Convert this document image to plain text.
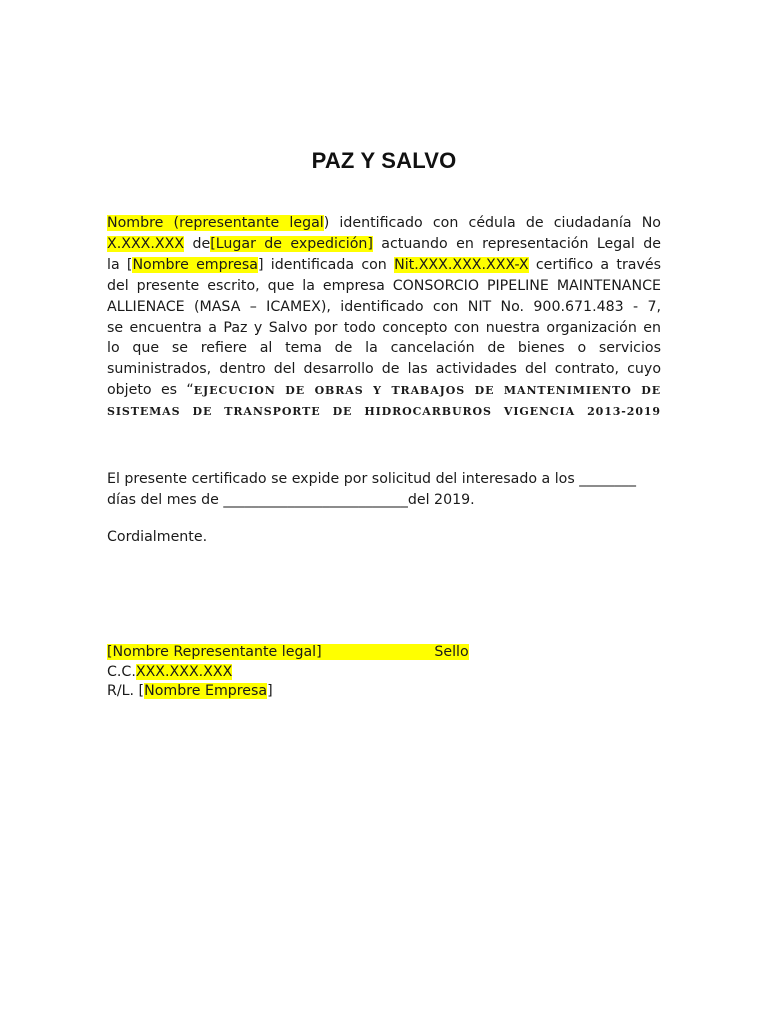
PAZ Y SALVO
Nombre (representante legal) identificado con cédula de ciudadanía No
X.XXX.XXX de[Lugar de expedición] actuando en representación Legal de
la [Nombre empresa] identificada con Nit.XXX.XXX.XXX-X certifico a través
del presente escrito, que la empresa CONSORCIO PIPELINE MAINTENANCE
ALLIENACE (MASA – ICAMEX), identificado con NIT No. 900.671.483 - 7,
se encuentra a Paz y Salvo por todo concepto con nuestra organización en
lo que se refiere al tema de la cancelación de bienes o servicios
suministrados, dentro del desarrollo de las actividades del contrato, cuyo
objeto es “EJECUCION DE OBRAS Y TRABAJOS DE MANTENIMIENTO DE
SISTEMAS DE TRANSPORTE DE HIDROCARBUROS VIGENCIA 2013-2019
El presente certificado se expide por solicitud del interesado a los ________
días del mes de __________________________del 2019.
Cordialmente.
[Nombre Representante legal]                         Sello
C.C.XXX.XXX.XXX
R/L. [Nombre Empresa]
